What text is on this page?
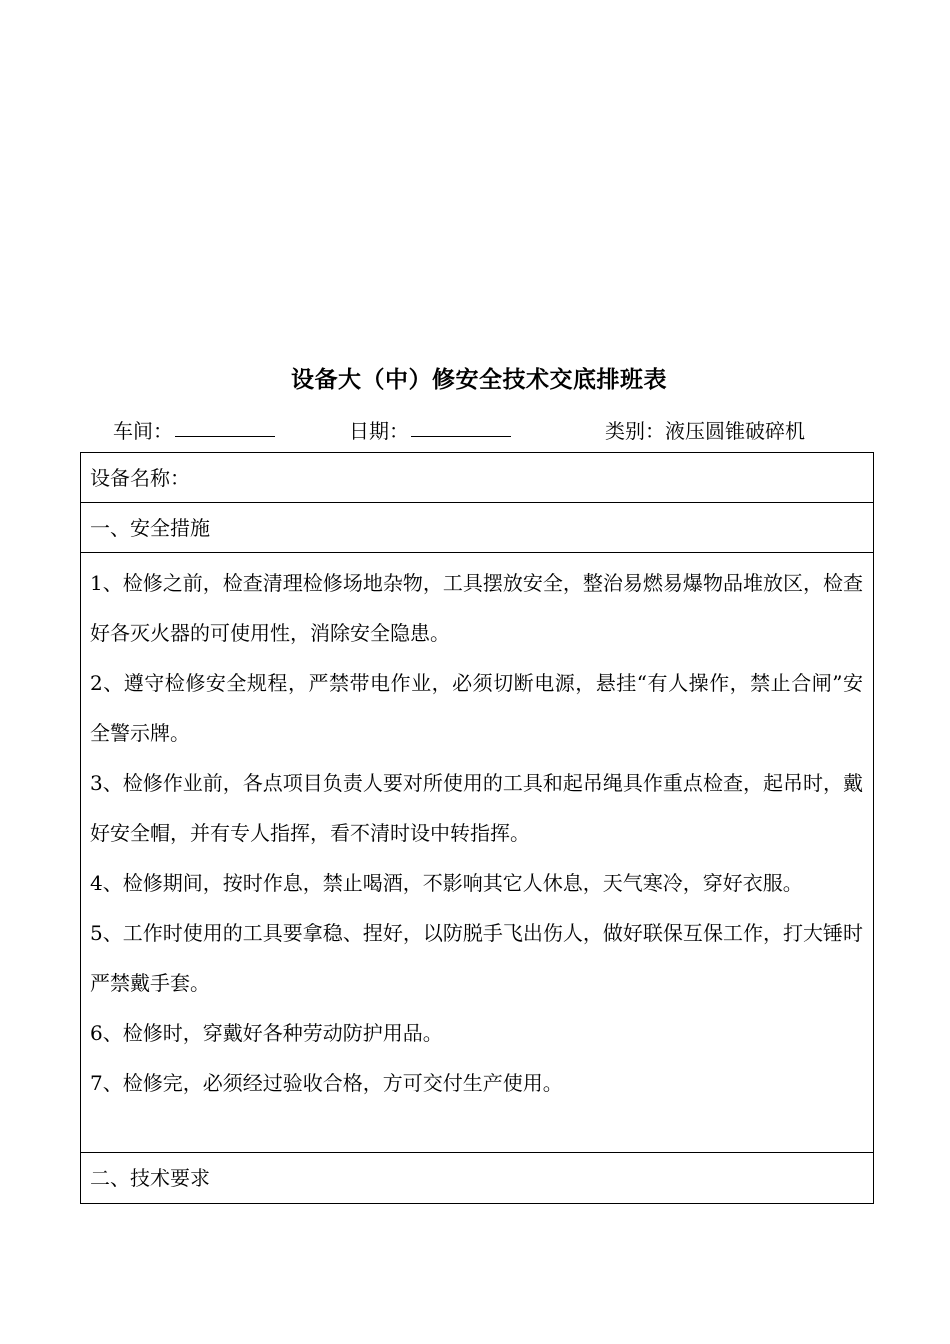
设备大（中）修安全技术交底排班表
车间：	日期：	类别：液压圆锥破碎机
设备名称：
一、安全措施
1、检修之前，检查清理检修场地杂物，工具摆放安全，整治易燃易爆物品堆放区，检查好各灭火器的可使用性，消除安全隐患。
2、遵守检修安全规程，严禁带电作业，必须切断电源，悬挂“有人操作，禁止合闸”安全警示牌。
3、检修作业前，各点项目负责人要对所使用的工具和起吊绳具作重点检查，起吊时，戴好安全帽，并有专人指挥，看不清时设中转指挥。
4、检修期间，按时作息，禁止喝酒，不影响其它人休息，天气寒冷，穿好衣服。
5、工作时使用的工具要拿稳、捏好，以防脱手飞出伤人，做好联保互保工作，打大锤时严禁戴手套。
6、检修时，穿戴好各种劳动防护用品。
7、检修完，必须经过验收合格，方可交付生产使用。
二、技术要求
